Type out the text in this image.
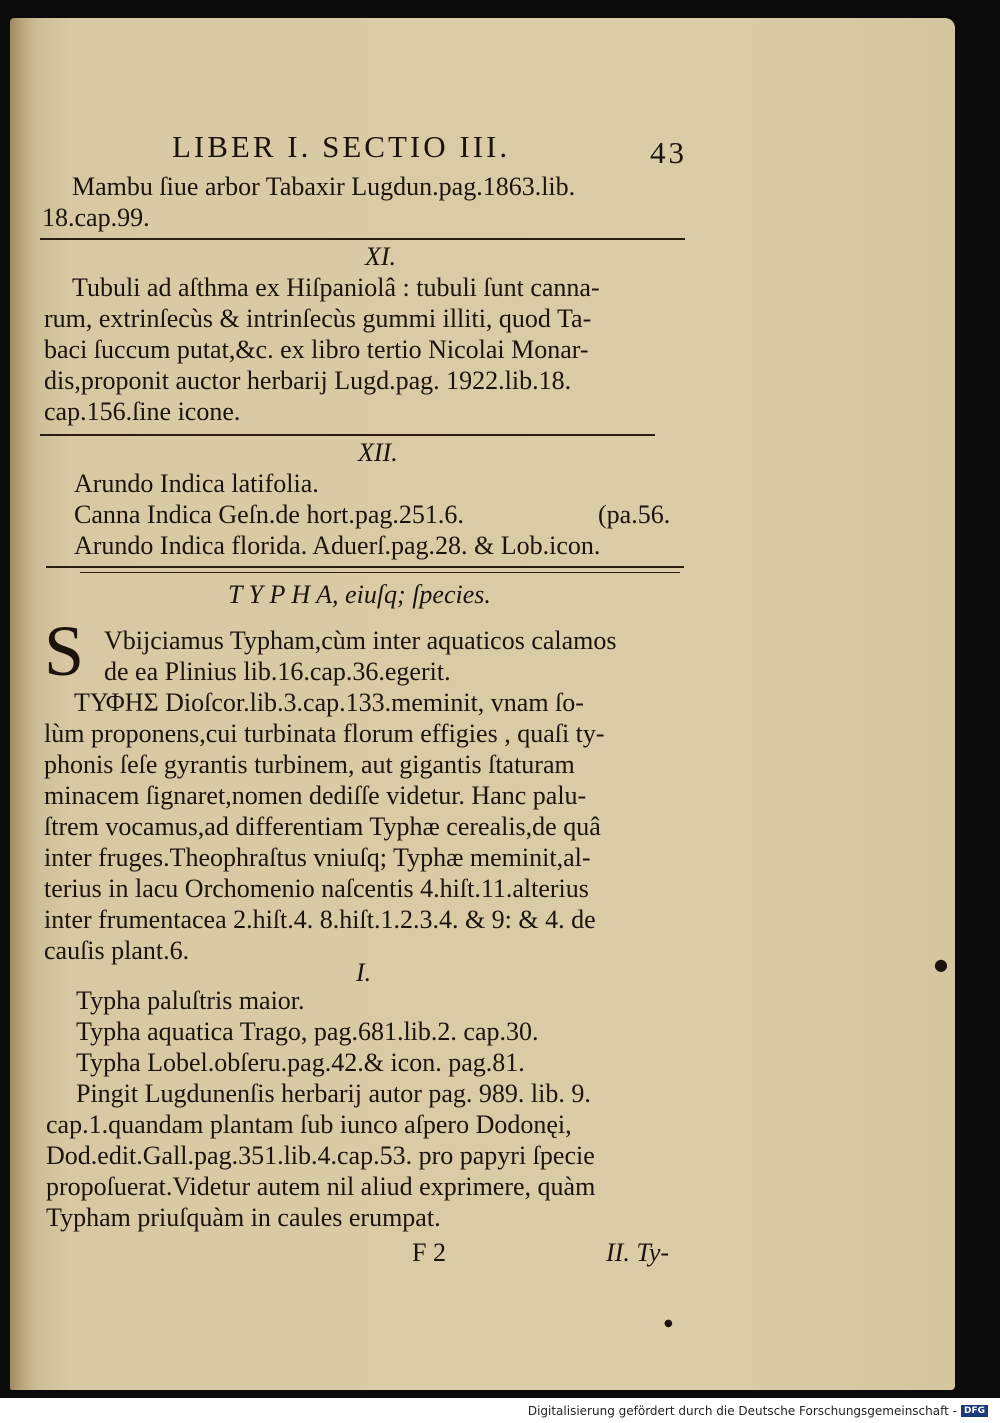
LIBER I. SECTIO III.	43
Mambu ſiue arbor Tabaxir Lugdun.pag.1863.lib.
18.cap.99.
XI.
Tubuli ad aſthma ex Hiſpaniolâ : tubuli ſunt canna-
rum, extrinſecùs & intrinſecùs gummi illiti, quod Ta-
baci ſuccum putat,&c. ex libro tertio Nicolai Monar-
dis,proponit auctor herbarij Lugd.pag. 1922.lib.18.
cap.156.ſine icone.
XII.
Arundo Indica latifolia.
Canna Indica Geſn.de hort.pag.251.6.	(pa.56.
Arundo Indica florida. Aduerſ.pag.28. & Lob.icon.
T Y P H A, eiuſq; ſpecies.
Vbijciamus Typham,cùm inter aquaticos calamos
de ea Plinius lib.16.cap.36.egerit.
ΤΥΦΗΣ Dioſcor.lib.3.cap.133.meminit, vnam ſo-
lùm proponens,cui turbinata florum effigies , quaſi ty-
phonis ſeſe gyrantis turbinem, aut gigantis ſtaturam
minacem ſignaret,nomen dediſſe videtur. Hanc palu-
ſtrem vocamus,ad differentiam Typhæ cerealis,de quâ
inter fruges.Theophraſtus vniuſq; Typhæ meminit,al-
terius in lacu Orchomenio naſcentis 4.hiſt.11.alterius
inter frumentacea 2.hiſt.4. 8.hiſt.1.2.3.4. & 9: & 4. de
cauſis plant.6.
I.
Typha paluſtris maior.
Typha aquatica Trago, pag.681.lib.2. cap.30.
Typha Lobel.obſeru.pag.42.& icon. pag.81.
Pingit Lugdunenſis herbarij autor pag. 989. lib. 9.
cap.1.quandam plantam ſub iunco aſpero Dodonęi,
Dod.edit.Gall.pag.351.lib.4.cap.53. pro papyri ſpecie
propoſuerat.Videtur autem nil aliud exprimere, quàm
Typham priuſquàm in caules erumpat.
F 2	II. Ty-
S
●
●
Digitalisierung gefördert durch die Deutsche Forschungsgemeinschaft - DFG
